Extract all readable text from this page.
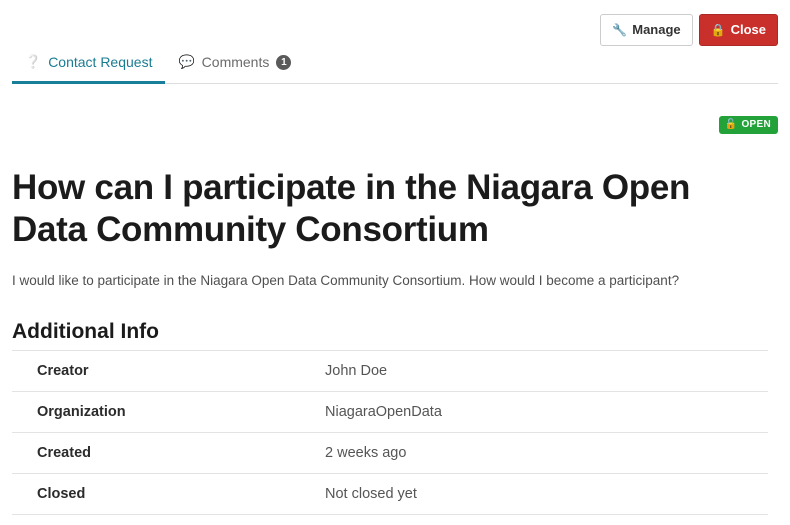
🔧 Manage	🔒 Close
❔ Contact Request 💬 Comments	1
🔓 OPEN
How can I participate in the Niagara Open Data Community Consortium

I would like to participate in the Niagara Open Data Community Consortium. How would I become a participant?

Additional Info
Creator	John Doe
Organization	NiagaraOpenData
Created	2 weeks ago
Closed	Not closed yet
